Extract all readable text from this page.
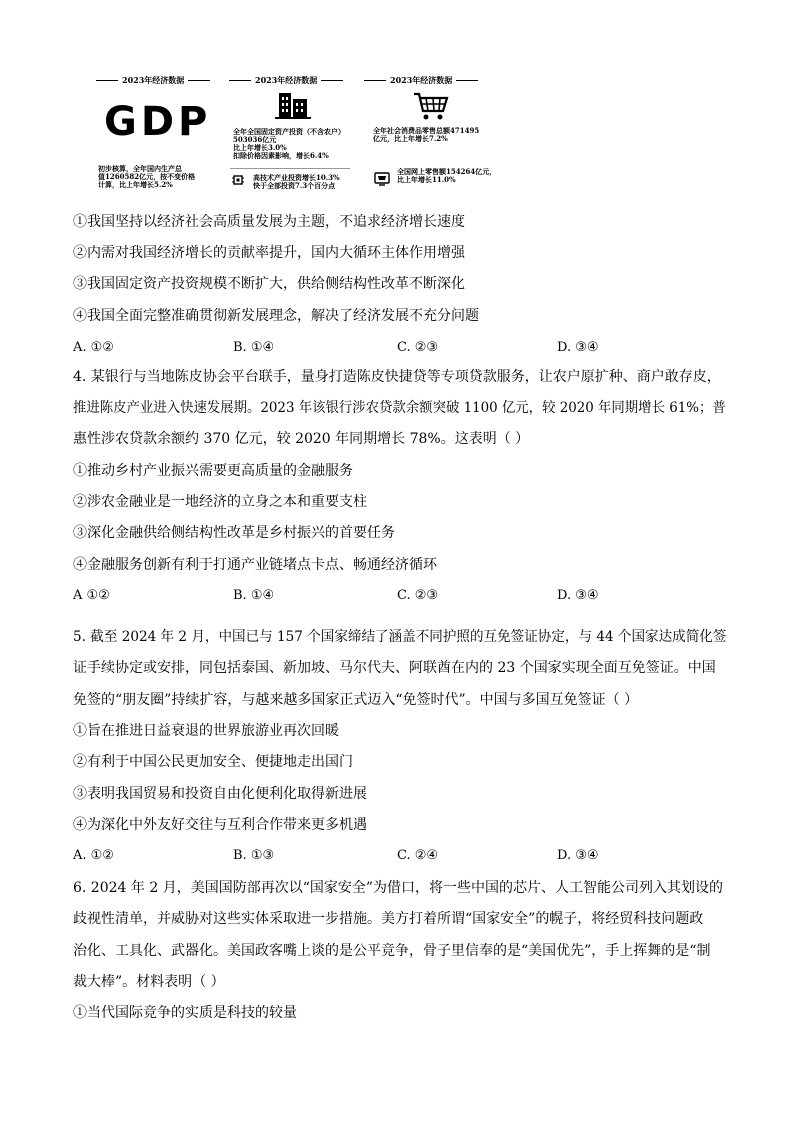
2023年经济数据	2023年经济数据	2023年经济数据
GDP
初步核算，全年国内生产总
值1260582亿元，按不变价格
计算，比上年增长5.2%
全年全国固定资产投资（不含农户）
503036亿元
比上年增长3.0%
扣除价格因素影响，增长6.4%
高技术产业投资增长10.3%
快于全部投资7.3个百分点
全年社会消费品零售总额471495
亿元，比上年增长7.2%
全国网上零售额154264亿元，
比上年增长11.0%
①我国坚持以经济社会高质量发展为主题，不追求经济增长速度
②内需对我国经济增长的贡献率提升，国内大循环主体作用增强
③我国固定资产投资规模不断扩大，供给侧结构性改革不断深化
④我国全面完整准确贯彻新发展理念，解决了经济发展不充分问题
A. ①②	B. ①④	C. ②③	D. ③④
4. 某银行与当地陈皮协会平台联手，量身打造陈皮快捷贷等专项贷款服务，让农户原扩种、商户敢存皮，
推进陈皮产业进入快速发展期。2023 年该银行涉农贷款余额突破 1100 亿元，较 2020 年同期增长 61%；普
惠性涉农贷款余额约 370 亿元，较 2020 年同期增长 78%。这表明（ ）
①推动乡村产业振兴需要更高质量的金融服务
②涉农金融业是一地经济的立身之本和重要支柱
③深化金融供给侧结构性改革是乡村振兴的首要任务
④金融服务创新有利于打通产业链堵点卡点、畅通经济循环
A ①②	B. ①④	C. ②③	D. ③④
5. 截至 2024 年 2 月，中国已与 157 个国家缔结了涵盖不同护照的互免签证协定，与 44 个国家达成简化签
证手续协定或安排，同包括泰国、新加坡、马尔代夫、阿联酋在内的 23 个国家实现全面互免签证。中国
免签的“朋友圈”持续扩容，与越来越多国家正式迈入“免签时代”。中国与多国互免签证（ ）
①旨在推进日益衰退的世界旅游业再次回暖
②有利于中国公民更加安全、便捷地走出国门
③表明我国贸易和投资自由化便利化取得新进展
④为深化中外友好交往与互利合作带来更多机遇
A. ①②	B. ①③	C. ②④	D. ③④
6. 2024 年 2 月，美国国防部再次以“国家安全”为借口，将一些中国的芯片、人工智能公司列入其划设的
歧视性清单，并威胁对这些实体采取进一步措施。美方打着所谓“国家安全”的幌子，将经贸科技问题政
治化、工具化、武器化。美国政客嘴上谈的是公平竞争，骨子里信奉的是“美国优先”，手上挥舞的是“制
裁大棒”。材料表明（ ）
①当代国际竞争的实质是科技的较量
